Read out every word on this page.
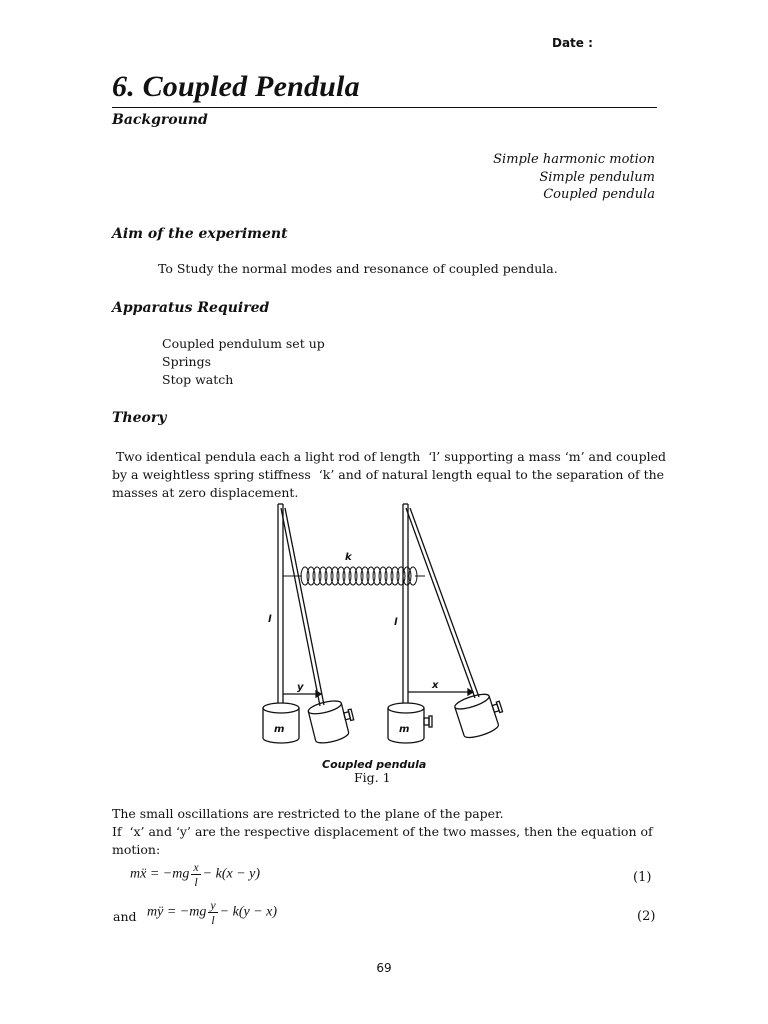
Date :
6. Coupled Pendula
Background
Simple harmonic motion
Simple pendulum
Coupled pendula
Aim of the experiment
To Study the normal modes and resonance of coupled pendula.
Apparatus Required
Coupled pendulum set up
Springs
Stop watch
Theory
Two identical pendula each a light rod of length  ‘l’ supporting a mass ‘m’ and coupled
by a weightless spring stiffness  ‘k’ and of natural length equal to the separation of the
masses at zero displacement.
k
l	l
y	x
m	m
Coupled pendula
Fig. 1
The small oscillations are restricted to the plane of the paper.
If  ‘x’ and ‘y’ are the respective displacement of the two masses, then the equation of
motion:
mẍ = $-mg \frac{x}{l} - k(x - y)$	(1)
and mÿ = $-mg \frac{y}{l} - k(y - x)$	(2)
69
